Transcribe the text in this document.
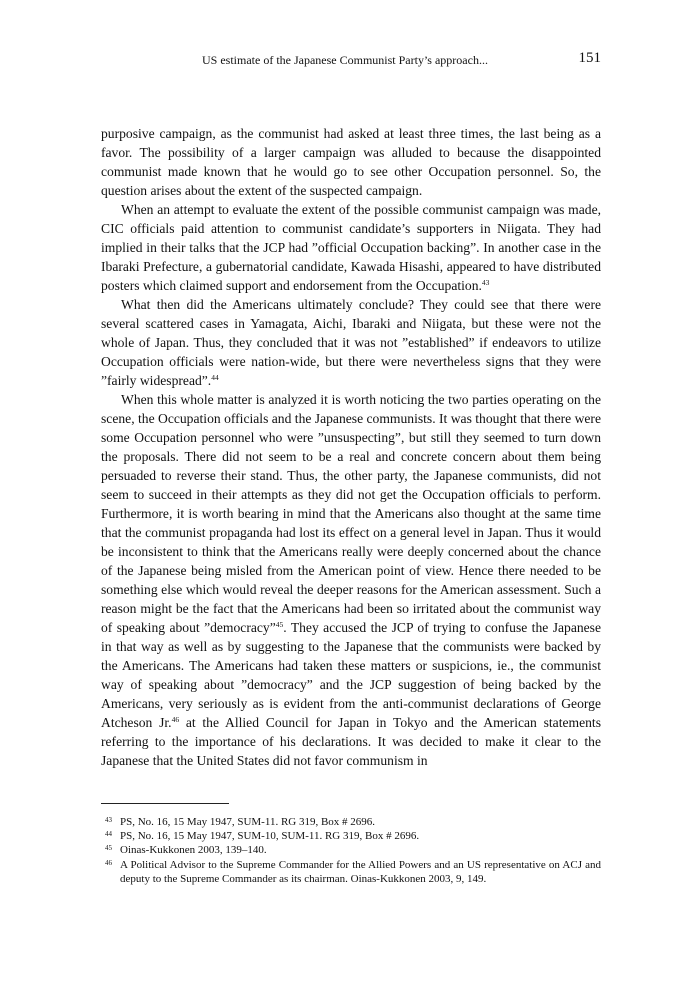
US estimate of the Japanese Communist Party’s approach...	151

purposive campaign, as the communist had asked at least three times, the last being as a favor. The possibility of a larger campaign was alluded to because the disappointed communist made known that he would go to see other Occupation personnel. So, the question arises about the extent of the suspected campaign.

When an attempt to evaluate the extent of the possible communist campaign was made, CIC officials paid attention to communist candidate’s supporters in Niigata. They had implied in their talks that the JCP had ”official Occupation backing”. In another case in the Ibaraki Prefecture, a gubernatorial candidate, Kawada Hisashi, appeared to have distributed posters which claimed support and endorsement from the Occupation.$^{43}$

What then did the Americans ultimately conclude? They could see that there were several scattered cases in Yamagata, Aichi, Ibaraki and Niigata, but these were not the whole of Japan. Thus, they concluded that it was not ”established” if endeavors to utilize Occupation officials were nation-wide, but there were nevertheless signs that they were ”fairly widespread”.$^{44}$

When this whole matter is analyzed it is worth noticing the two parties operating on the scene, the Occupation officials and the Japanese communists. It was thought that there were some Occupation personnel who were ”unsuspecting”, but still they seemed to turn down the proposals. There did not seem to be a real and concrete concern about them being persuaded to reverse their stand. Thus, the other party, the Japanese communists, did not seem to succeed in their attempts as they did not get the Occupation officials to perform. Furthermore, it is worth bearing in mind that the Americans also thought at the same time that the communist propaganda had lost its effect on a general level in Japan. Thus it would be inconsistent to think that the Americans really were deeply concerned about the chance of the Japanese being misled from the American point of view. Hence there needed to be something else which would reveal the deeper reasons for the American assessment. Such a reason might be the fact that the Americans had been so irritated about the communist way of speaking about ”democracy”$^{45}$. They accused the JCP of trying to confuse the Japanese in that way as well as by suggesting to the Japanese that the communists were backed by the Americans. The Americans had taken these matters or suspicions, ie., the communist way of speaking about ”democracy” and the JCP suggestion of being backed by the Americans, very seriously as is evident from the anti-communist declarations of George Atcheson Jr.$^{46}$ at the Allied Council for Japan in Tokyo and the American statements referring to the importance of his declarations. It was decided to make it clear to the Japanese that the United States did not favor communism in

43 PS, No. 16, 15 May 1947, SUM-11. RG 319, Box # 2696.

44 PS, No. 16, 15 May 1947, SUM-10, SUM-11. RG 319, Box # 2696.

45 Oinas-Kukkonen 2003, 139–140.

46 A Political Advisor to the Supreme Commander for the Allied Powers and an US representative on ACJ and deputy to the Supreme Commander as its chairman. Oinas-Kukkonen 2003, 9, 149.
